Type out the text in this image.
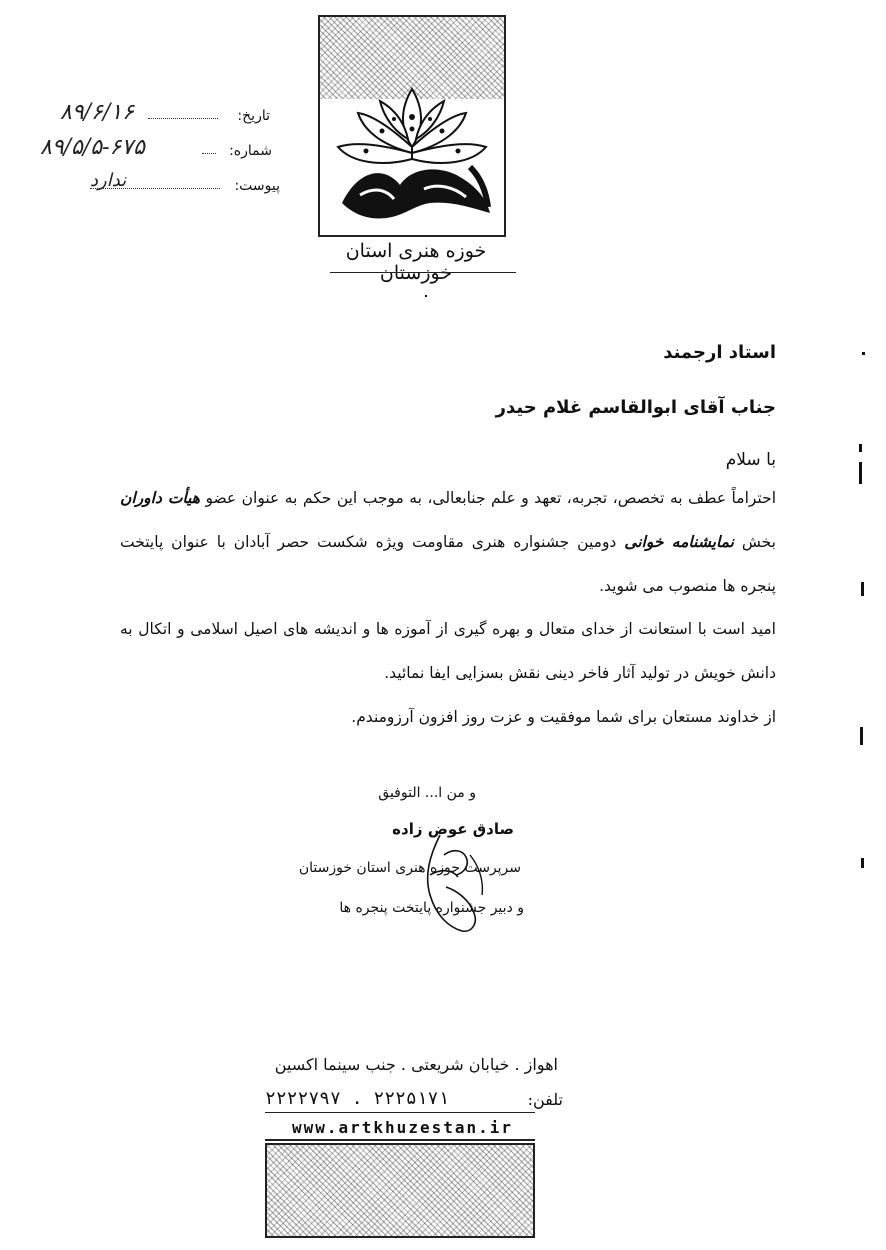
تاریخ:
۸۹/۶/۱۶
شماره:
۸۹/۵/۵-۶۷۵
پیوست:
ندارد
خوزه هنری استان خوزستان
استاد ارجمند
جناب آقای ابوالقاسم غلام حیدر
با سلام
احتراماً عطف به تخصص، تجربه، تعهد و علم جنابعالی، به موجب این حکم به عنوان عضو هیأت داوران بخش نمایشنامه خوانی دومین جشنواره هنری مقاومت ویژه شکست حصر آبادان با عنوان پایتخت پنجره ها منصوب می شوید.
امید است با استعانت از خدای متعال و بهره گیری از آموزه ها و اندیشه های اصیل اسلامی و اتکال به دانش خویش در تولید آثار فاخر دینی نقش بسزایی ایفا نمائید.
از خداوند مستعان برای شما موفقیت و عزت روز افزون آرزومندم.
و من ا... التوفیق
صادق عوض زاده
سرپرست حوزه هنری استان خوزستان
و دبیر جشنواره پایتخت پنجره ها
اهواز . خیابان شریعتی . جنب سینما اکسین
تلفن:
۲۲۲۵۱۷۱ . ۲۲۲۲۷۹۷
www.artkhuzestan.ir
